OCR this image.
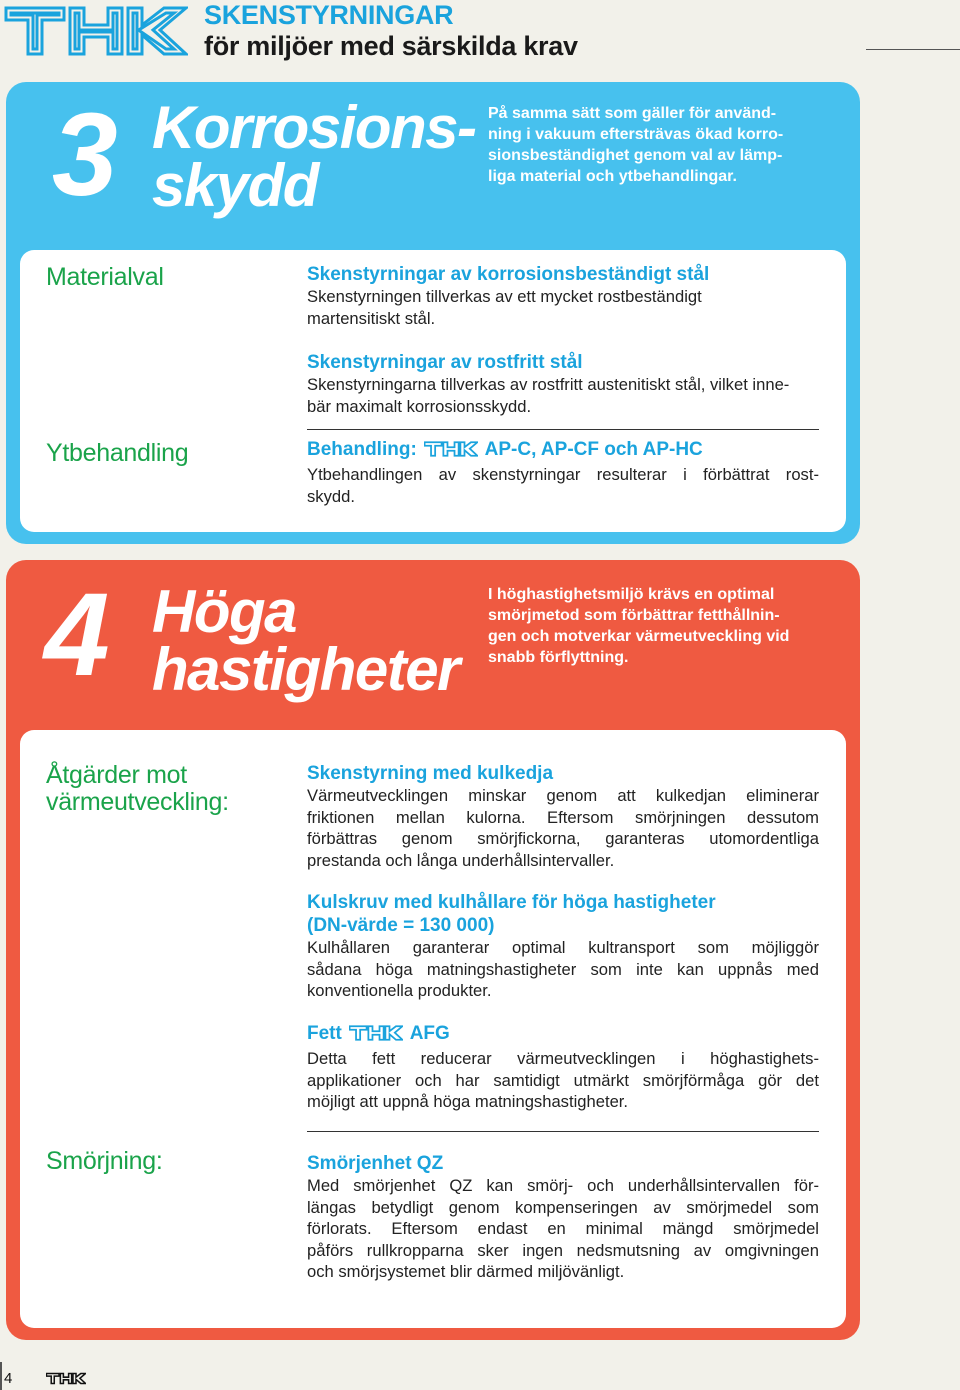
SKENSTYRNINGAR
för miljöer med särskilda krav
3 Korrosions-
skydd
På samma sätt som gäller för använd-
ning i vakuum eftersträvas ökad korro-
sionsbeständighet genom val av lämp-
liga material och ytbehandlingar.
Materialval	Skenstyrningar av korrosionsbeständigt stål
Skenstyrningen tillverkas av ett mycket rostbeständigt
martensitiskt stål.
Skenstyrningar av rostfritt stål
Skenstyrningarna tillverkas av rostfritt austenitiskt stål, vilket inne-
bär maximalt korrosionsskydd.
Ytbehandling	Behandling:	AP-C, AP-CF och AP-HC
Ytbehandlingen av skenstyrningar resulterar i förbättrat rost-
skydd.
4 Höga
hastigheter
I höghastighetsmiljö krävs en optimal
smörjmetod som förbättrar fetthållnin-
gen och motverkar värmeutveckling vid
snabb förflyttning.
Åtgärder mot
värmeutveckling:
Skenstyrning med kulkedja
Värmeutvecklingen minskar genom att kulkedjan eliminerar
friktionen mellan kulorna. Eftersom smörjningen dessutom
förbättras genom smörjfickorna, garanteras utomordentliga
prestanda och långa underhållsintervaller.
Kulskruv med kulhållare för höga hastigheter
(DN-värde = 130 000)
Kulhållaren garanterar optimal kultransport som möjliggör
sådana höga matningshastigheter som inte kan uppnås med
konventionella produkter.
Fett	AFG
Detta fett reducerar värmeutvecklingen i höghastighets-
applikationer och har samtidigt utmärkt smörjförmåga gör det
möjligt att uppnå höga matningshastigheter.
Smörjning:	Smörjenhet QZ
Med smörjenhet QZ kan smörj- och underhållsintervallen för-
längas betydligt genom kompenseringen av smörjmedel som
förlorats. Eftersom endast en minimal mängd smörjmedel
påförs rullkropparna sker ingen nedsmutsning av omgivningen
och smörjsystemet blir därmed miljövänligt.
4
